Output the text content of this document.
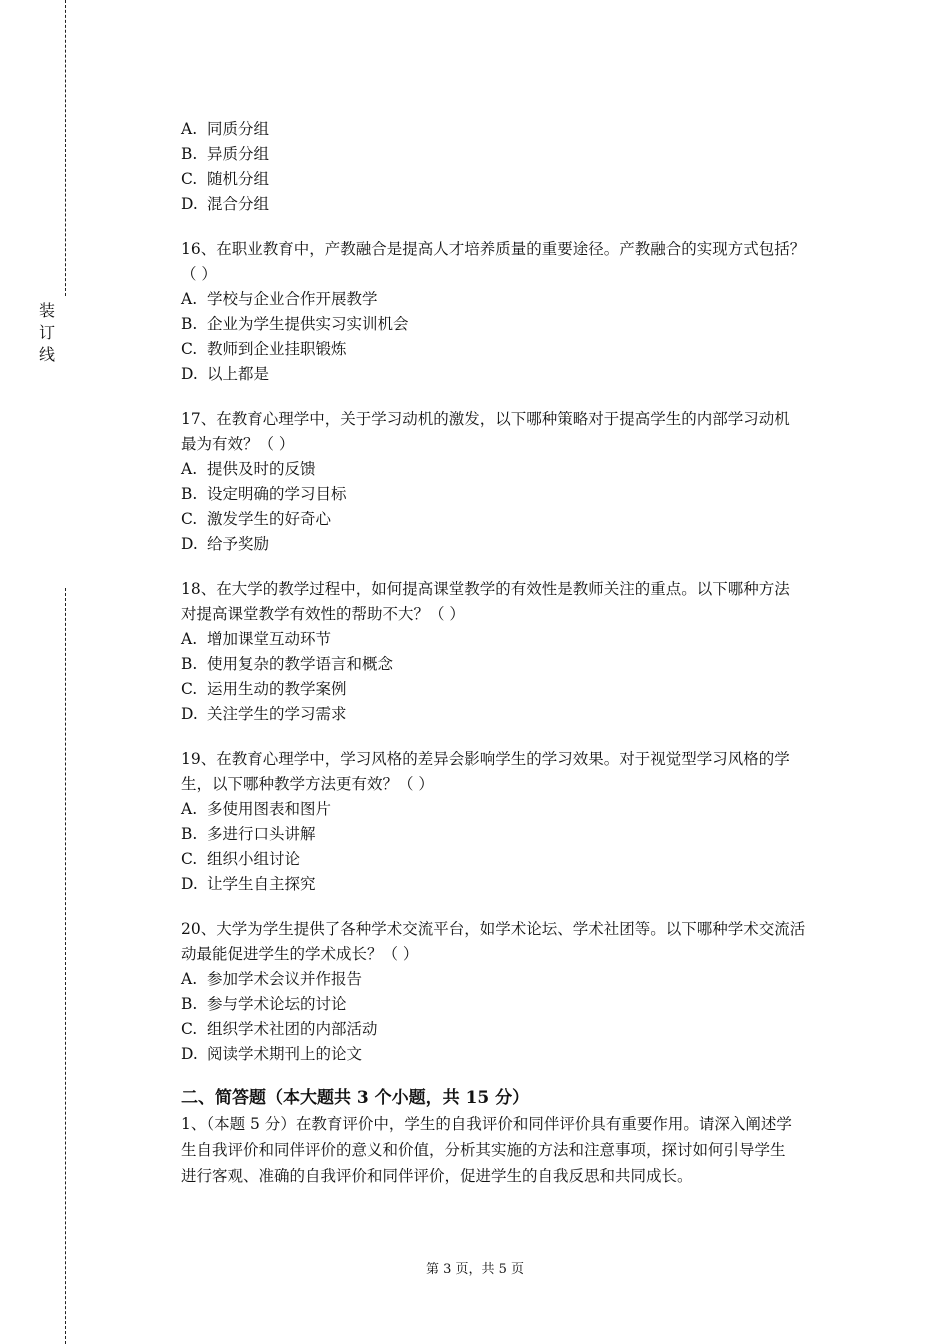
装
订
线
A. 同质分组
B. 异质分组
C. 随机分组
D. 混合分组
16、在职业教育中，产教融合是提高人才培养质量的重要途径。产教融合的实现方式包括？
（ ）
A. 学校与企业合作开展教学
B. 企业为学生提供实习实训机会
C. 教师到企业挂职锻炼
D. 以上都是
17、在教育心理学中，关于学习动机的激发，以下哪种策略对于提高学生的内部学习动机
最为有效？（ ）
A. 提供及时的反馈
B. 设定明确的学习目标
C. 激发学生的好奇心
D. 给予奖励
18、在大学的教学过程中，如何提高课堂教学的有效性是教师关注的重点。以下哪种方法
对提高课堂教学有效性的帮助不大？（ ）
A. 增加课堂互动环节
B. 使用复杂的教学语言和概念
C. 运用生动的教学案例
D. 关注学生的学习需求
19、在教育心理学中，学习风格的差异会影响学生的学习效果。对于视觉型学习风格的学
生，以下哪种教学方法更有效？（ ）
A. 多使用图表和图片
B. 多进行口头讲解
C. 组织小组讨论
D. 让学生自主探究
20、大学为学生提供了各种学术交流平台，如学术论坛、学术社团等。以下哪种学术交流活
动最能促进学生的学术成长？（ ）
A. 参加学术会议并作报告
B. 参与学术论坛的讨论
C. 组织学术社团的内部活动
D. 阅读学术期刊上的论文
二、简答题（本大题共 3 个小题，共 15 分）
1、（本题 5 分）在教育评价中，学生的自我评价和同伴评价具有重要作用。请深入阐述学
生自我评价和同伴评价的意义和价值，分析其实施的方法和注意事项，探讨如何引导学生
进行客观、准确的自我评价和同伴评价，促进学生的自我反思和共同成长。
第 3 页，共 5 页
